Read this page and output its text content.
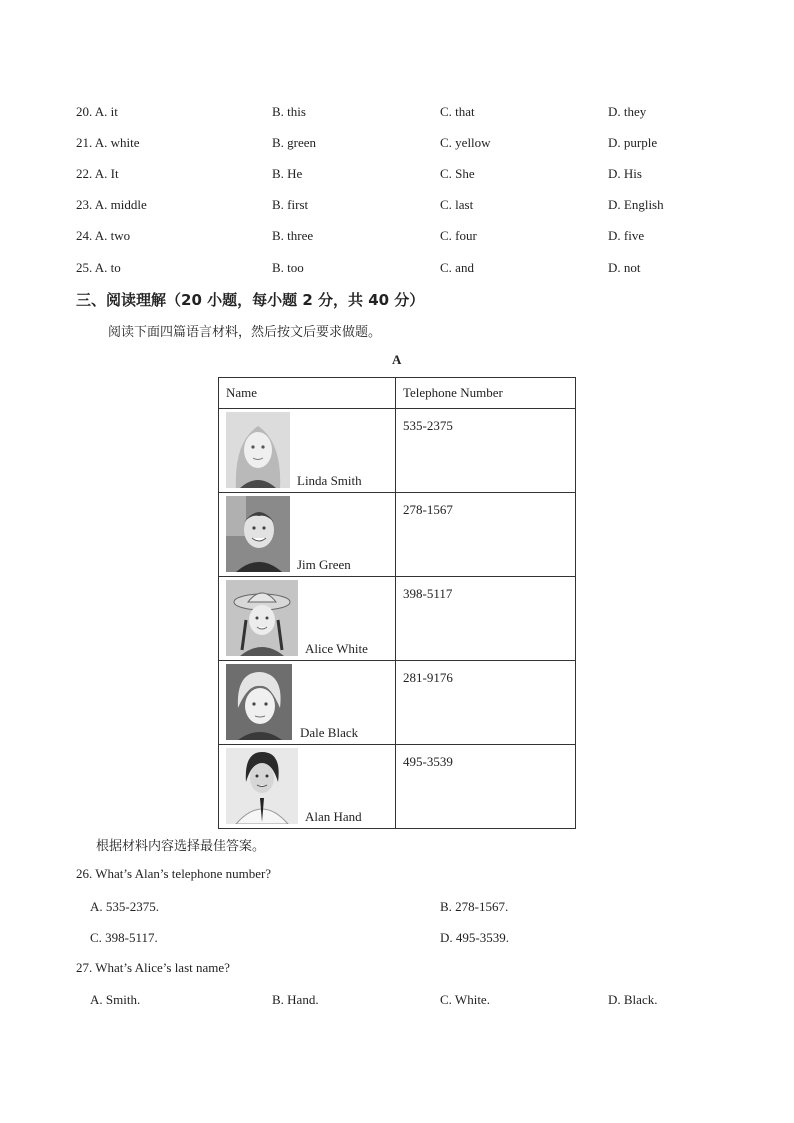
20. A. it	B. this	C. that	D. they
21. A. white	B. green	C. yellow	D. purple
22. A. It	B. He	C. She	D. His
23. A. middle	B. first	C. last	D. English
24. A. two	B. three	C. four	D. five
25. A. to	B. too	C. and	D. not
三、阅读理解（20 小题，每小题 2 分，共 40 分）
阅读下面四篇语言材料，然后按文后要求做题。
A
Name	Telephone Number

Linda Smith	535-2375

Jim Green	278-1567

Alice White	398-5117

Dale Black	281-9176

Alan Hand	495-3539
根据材料内容选择最佳答案。
26. What’s Alan’s telephone number?
A. 535-2375.	B. 278-1567.
C. 398-5117.	D. 495-3539.
27. What’s Alice’s last name?
A. Smith.	B. Hand.	C. White.	D. Black.
